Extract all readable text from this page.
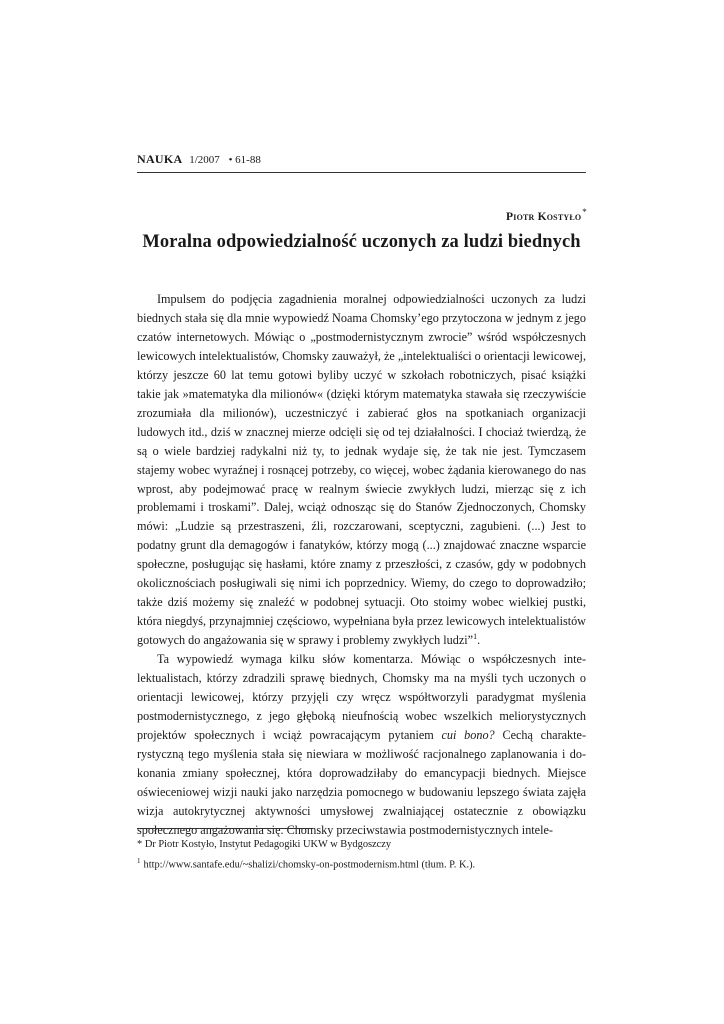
NAUKA 1/2007 • 61-88
Piotr Kostyło*
Moralna odpowiedzialność uczonych za ludzi biednych

Impulsem do podjęcia zagadnienia moralnej odpowiedzialności uczonych za ludzi biednych stała się dla mnie wypowiedź Noama Chomsky’ego przytoczona w jednym z jego czatów internetowych. Mówiąc o „postmodernistycznym zwrocie” wśród współczesnych lewicowych intelektualistów, Chomsky zauważył, że „intelektualiści o orientacji lewicowej, którzy jeszcze 60 lat temu gotowi byliby uczyć w szkołach robotniczych, pisać książki takie jak »matematyka dla milionów« (dzięki którym matematyka stawała się rzeczywiście zrozumiała dla milionów), uczestniczyć i zabierać głos na spotkaniach organizacji ludowych itd., dziś w znacznej mierze odcięli się od tej działalności. I chociaż twierdzą, że są o wiele bardziej radykalni niż ty, to jednak wydaje się, że tak nie jest. Tymczasem stajemy wobec wyraźnej i rosnącej potrzeby, co więcej, wobec żądania kierowanego do nas wprost, aby podejmować pracę w realnym świecie zwykłych ludzi, mierząc się z ich problemami i troskami”. Dalej, wciąż odnosząc się do Stanów Zjednoczonych, Chomsky mówi: „Ludzie są przestraszeni, źli, rozczarowani, sceptyczni, zagubieni. (...) Jest to podatny grunt dla demagogów i fanatyków, którzy mogą (...) znajdować znaczne wsparcie społeczne, posługując się hasłami, które znamy z przeszłości, z czasów, gdy w podobnych okolicznościach posługiwali się nimi ich poprzednicy. Wiemy, do czego to doprowadziło; także dziś możemy się znaleźć w podobnej sytuacji. Oto stoimy wobec wielkiej pustki, która niegdyś, przynajmniej częściowo, wypełniana była przez lewicowych intelektualistów gotowych do angażowania się w sprawy i problemy zwykłych ludzi”$^1$.

Ta wypowiedź wymaga kilku słów komentarza. Mówiąc o współczesnych intelektualistach, którzy zdradzili sprawę biednych, Chomsky ma na myśli tych uczonych o orientacji lewicowej, którzy przyjęli czy wręcz współtworzyli paradygmat myślenia postmodernistycznego, z jego głęboką nieufnością wobec wszelkich meliorystycznych projektów społecznych i wciąż powracającym pytaniem cui bono? Cechą charakterystyczną tego myślenia stała się niewiara w możliwość racjonalnego zaplanowania i dokonania zmiany społecznej, która doprowadziłaby do emancypacji biednych. Miejsce oświeceniowej wizji nauki jako narzędzia pomocnego w budowaniu lepszego świata zajęła wizja autokrytycznej aktywności umysłowej zwalniającej ostatecznie z obowiązku społecznego angażowania się. Chomsky przeciwstawia postmodernistycznych intele-

* Dr Piotr Kostyło, Instytut Pedagogiki UKW w Bydgoszczy
$^1$ http://www.santafe.edu/~shalizi/chomsky-on-postmodernism.html (tłum. P. K.).
